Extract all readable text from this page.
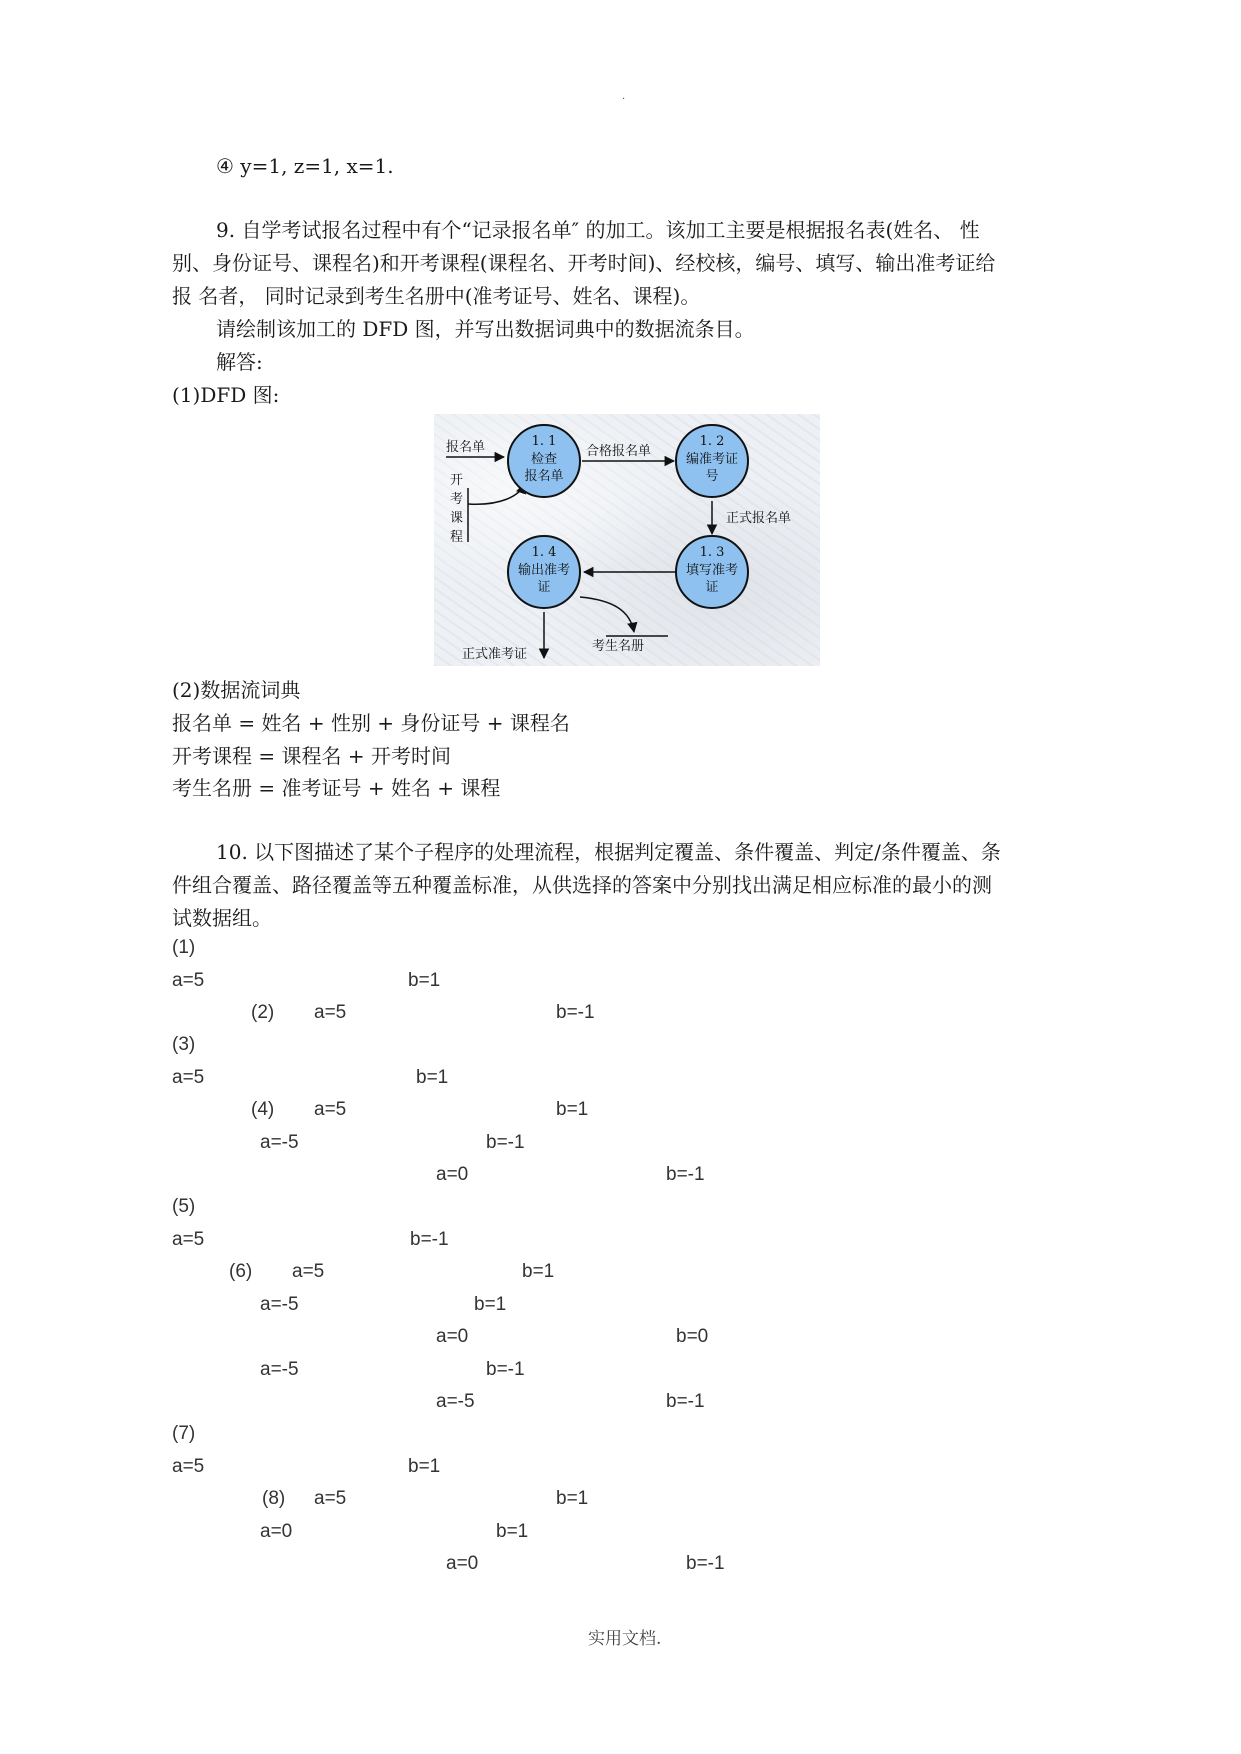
·
④ y=1, z=1, x=1.
9. 自学考试报名过程中有个“记录报名单″ 的加工。该加工主要是根据报名表(姓名、 性
别、身份证号、课程名)和开考课程(课程名、开考时间)、经校核，编号、填写、输出准考证给
报 名者， 同时记录到考生名册中(准考证号、姓名、课程)。
请绘制该加工的 DFD 图，并写出数据词典中的数据流条目。
解答:
(1)DFD 图:
1. 1
检查
报名单
1. 2
编准考证
号
1. 3
填写准考
证
1. 4
输出准考
证
报名单	合格报名单
正式报名单
开
考
课
程
正式准考证
考生名册
(2)数据流词典
报名单 = 姓名 + 性别 + 身份证号 + 课程名
开考课程 = 课程名 + 开考时间
考生名册 = 准考证号 + 姓名 + 课程
10. 以下图描述了某个子程序的处理流程，根据判定覆盖、条件覆盖、判定/条件覆盖、条
件组合覆盖、路径覆盖等五种覆盖标准，从供选择的答案中分别找出满足相应标准的最小的测
试数据组。
(1)
a=5	b=1
(2) a=5	b=-1
(3)
a=5	b=1
(4) a=5	b=1
a=-5	b=-1
a=0	b=-1
(5)
a=5	b=-1
(6) a=5	b=1
a=-5	b=1
a=0	b=0
a=-5	b=-1
a=-5	b=-1
(7)
a=5	b=1
(8) a=5	b=1
a=0	b=1
a=0	b=-1
实用文档.
